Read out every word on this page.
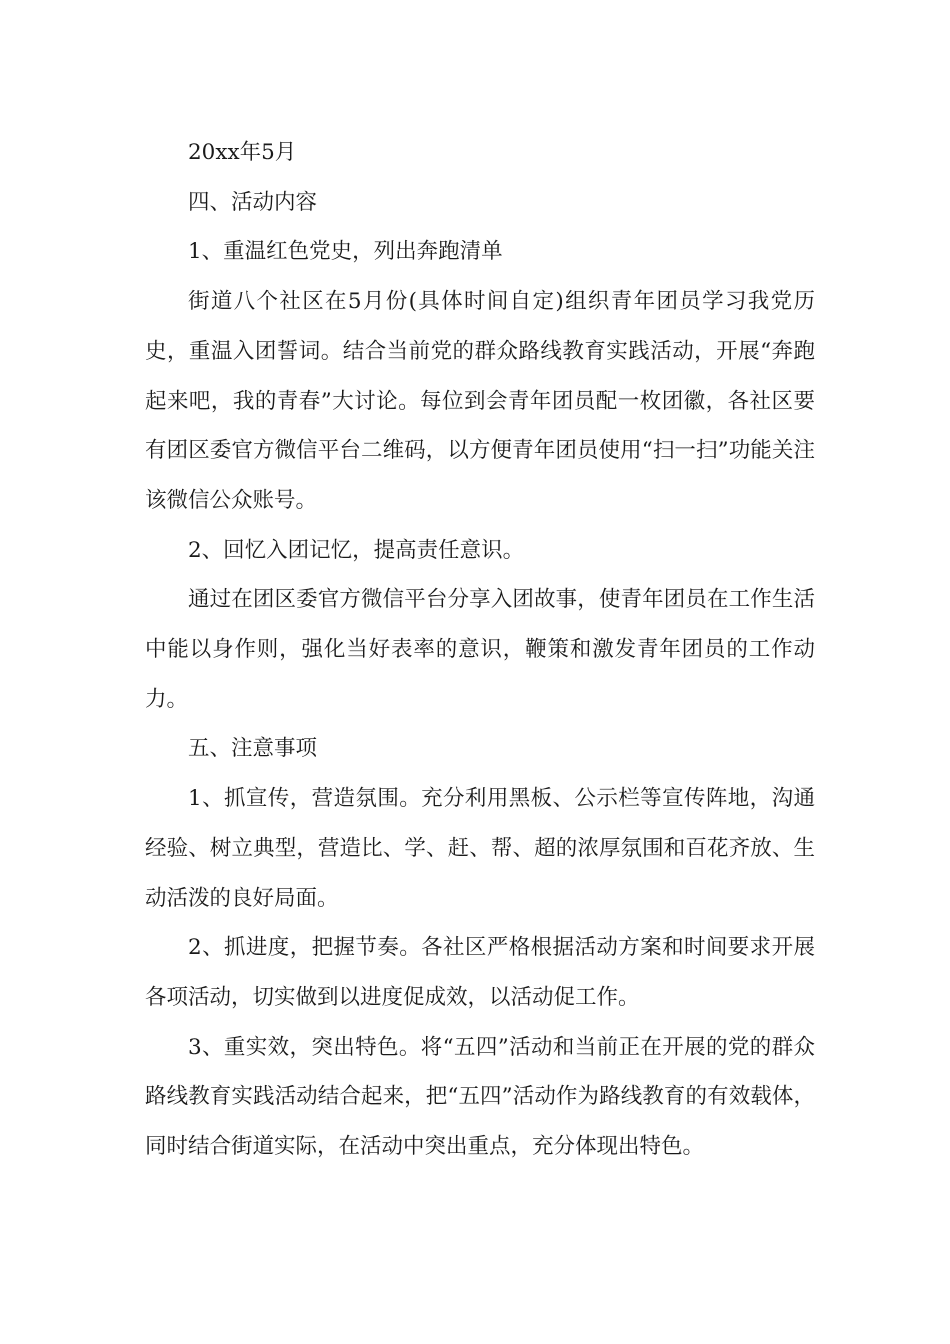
20xx年5月

四、活动内容

1、重温红色党史，列出奔跑清单

街道八个社区在5月份(具体时间自定)组织青年团员学习我党历史，重温入团誓词。结合当前党的群众路线教育实践活动，开展“奔跑起来吧，我的青春”大讨论。每位到会青年团员配一枚团徽，各社区要有团区委官方微信平台二维码，以方便青年团员使用“扫一扫”功能关注该微信公众账号。

2、回忆入团记忆，提高责任意识。

通过在团区委官方微信平台分享入团故事，使青年团员在工作生活中能以身作则，强化当好表率的意识，鞭策和激发青年团员的工作动力。

五、注意事项

1、抓宣传，营造氛围。充分利用黑板、公示栏等宣传阵地，沟通经验、树立典型，营造比、学、赶、帮、超的浓厚氛围和百花齐放、生动活泼的良好局面。

2、抓进度，把握节奏。各社区严格根据活动方案和时间要求开展各项活动，切实做到以进度促成效，以活动促工作。

3、重实效，突出特色。将“五四”活动和当前正在开展的党的群众路线教育实践活动结合起来，把“五四”活动作为路线教育的有效载体，同时结合街道实际，在活动中突出重点，充分体现出特色。
